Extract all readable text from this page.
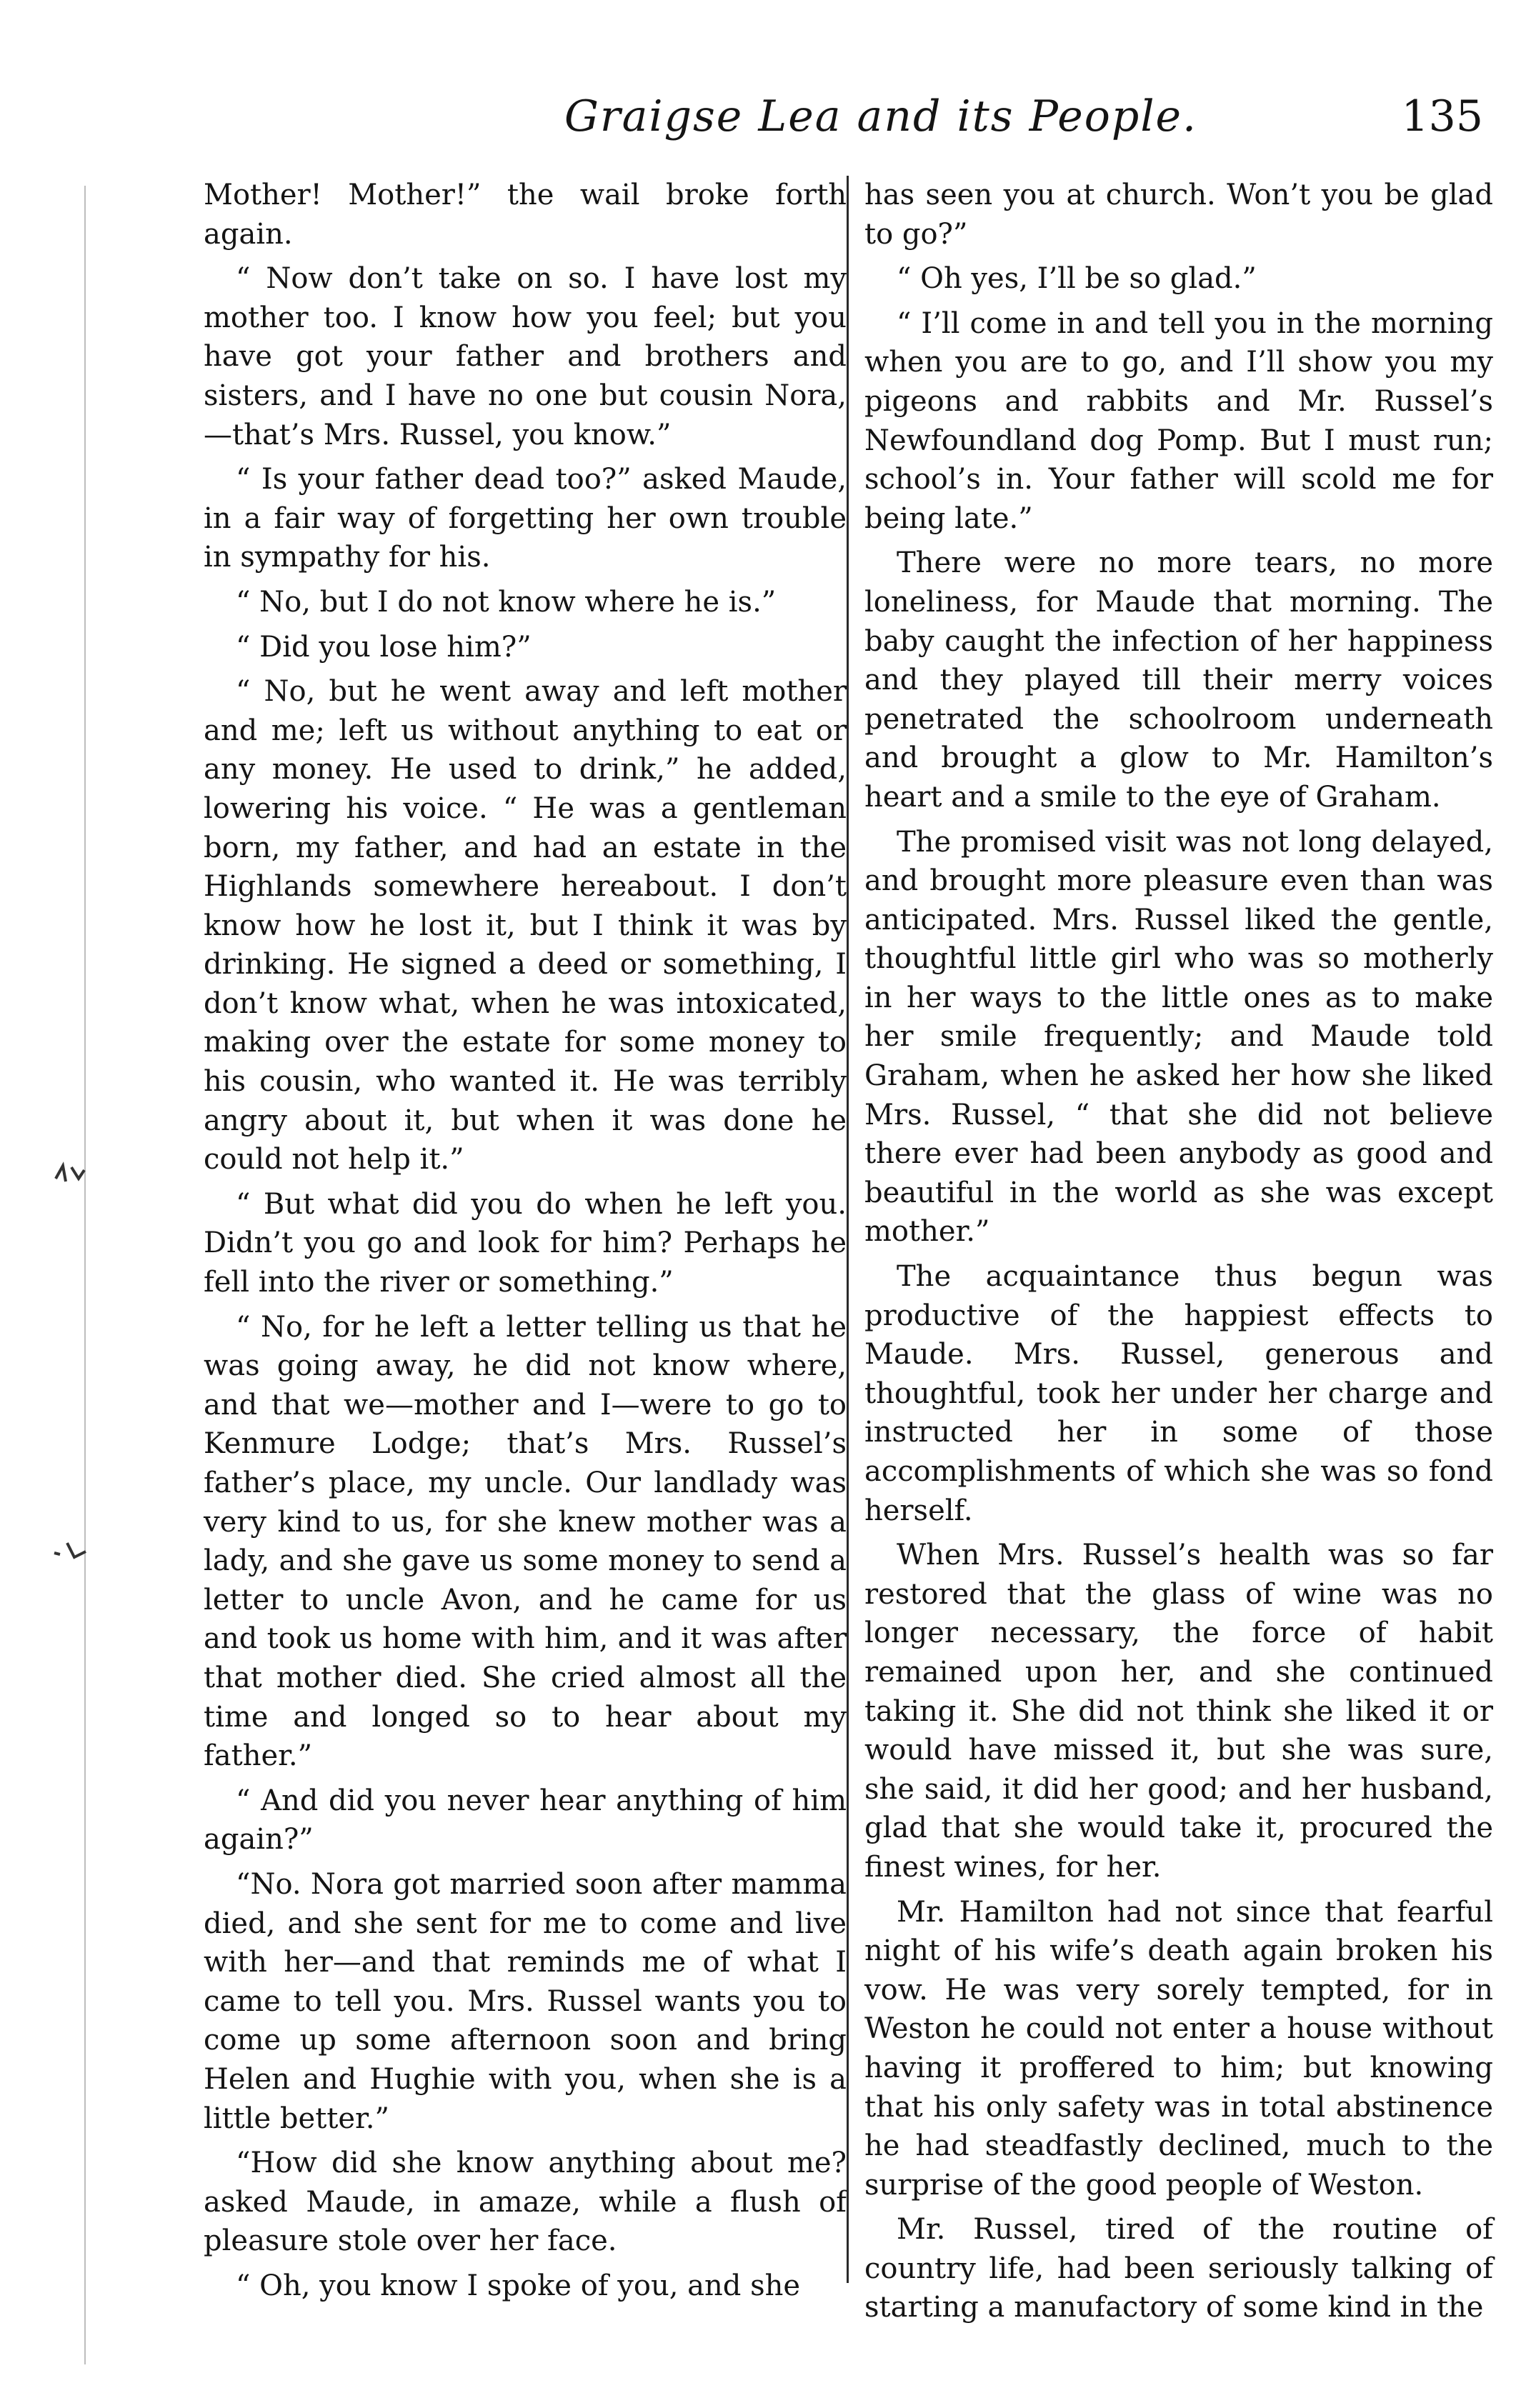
Graigse Lea and its People.	135

Mother! Mother!” the wail broke forth again.

“ Now don’t take on so. I have lost my mother too. I know how you feel; but you have got your father and brothers and sisters, and I have no one but cousin Nora,—that’s Mrs. Russel, you know.”

“ Is your father dead too?” asked Maude, in a fair way of forgetting her own trouble in sympathy for his.

“ No, but I do not know where he is.”

“ Did you lose him?”

“ No, but he went away and left mother and me; left us without anything to eat or any money. He used to drink,” he added, lowering his voice. “ He was a gentleman born, my father, and had an estate in the Highlands somewhere hereabout. I don’t know how he lost it, but I think it was by drinking. He signed a deed or something, I don’t know what, when he was intoxicated, making over the estate for some money to his cousin, who wanted it. He was terribly angry about it, but when it was done he could not help it.”

“ But what did you do when he left you. Didn’t you go and look for him? Perhaps he fell into the river or something.”

“ No, for he left a letter telling us that he was going away, he did not know where, and that we—mother and I—were to go to Kenmure Lodge; that’s Mrs. Russel’s father’s place, my uncle. Our landlady was very kind to us, for she knew mother was a lady, and she gave us some money to send a letter to uncle Avon, and he came for us and took us home with him, and it was after that mother died. She cried almost all the time and longed so to hear about my father.”

“ And did you never hear anything of him again?”

“No. Nora got married soon after mamma died, and she sent for me to come and live with her—and that reminds me of what I came to tell you. Mrs. Russel wants you to come up some afternoon soon and bring Helen and Hughie with you, when she is a little better.”

“How did she know anything about me? asked Maude, in amaze, while a flush of pleasure stole over her face.

“ Oh, you know I spoke of you, and she

has seen you at church. Won’t you be glad to go?”

“ Oh yes, I’ll be so glad.”

“ I’ll come in and tell you in the morning when you are to go, and I’ll show you my pigeons and rabbits and Mr. Russel’s Newfoundland dog Pomp. But I must run; school’s in. Your father will scold me for being late.”

There were no more tears, no more loneliness, for Maude that morning. The baby caught the infection of her happiness and they played till their merry voices penetrated the schoolroom underneath and brought a glow to Mr. Hamilton’s heart and a smile to the eye of Graham.

The promised visit was not long delayed, and brought more pleasure even than was anticipated. Mrs. Russel liked the gentle, thoughtful little girl who was so motherly in her ways to the little ones as to make her smile frequently; and Maude told Graham, when he asked her how she liked Mrs. Russel, “ that she did not believe there ever had been anybody as good and beautiful in the world as she was except mother.”

The acquaintance thus begun was productive of the happiest effects to Maude. Mrs. Russel, generous and thoughtful, took her under her charge and instructed her in some of those accomplishments of which she was so fond herself.

When Mrs. Russel’s health was so far restored that the glass of wine was no longer necessary, the force of habit remained upon her, and she continued taking it. She did not think she liked it or would have missed it, but she was sure, she said, it did her good; and her husband, glad that she would take it, procured the finest wines, for her.

Mr. Hamilton had not since that fearful night of his wife’s death again broken his vow. He was very sorely tempted, for in Weston he could not enter a house without having it proffered to him; but knowing that his only safety was in total abstinence he had steadfastly declined, much to the surprise of the good people of Weston.

Mr. Russel, tired of the routine of country life, had been seriously talking of starting a manufactory of some kind in the
